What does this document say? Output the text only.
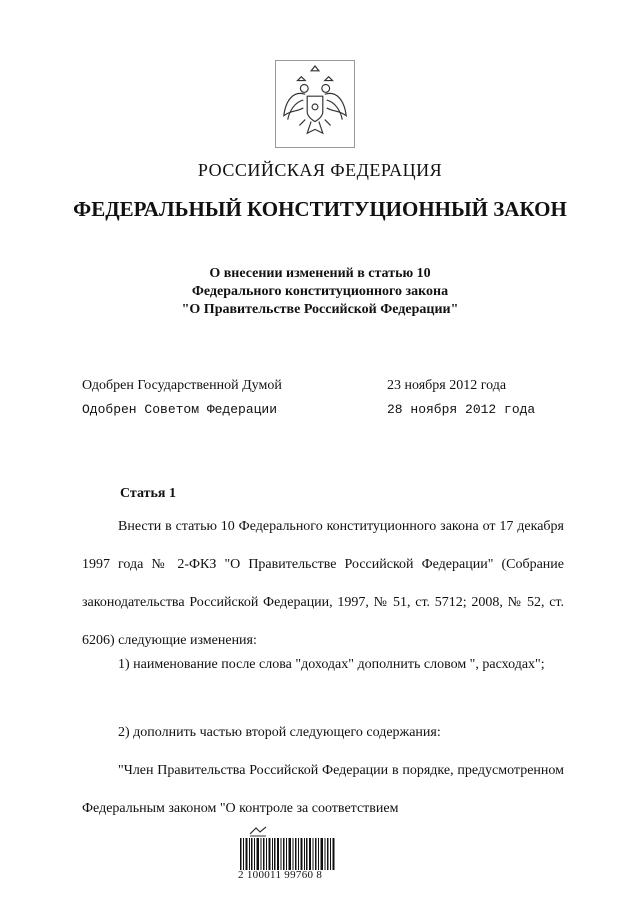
РОССИЙСКАЯ ФЕДЕРАЦИЯ
ФЕДЕРАЛЬНЫЙ КОНСТИТУЦИОННЫЙ ЗАКОН
О внесении изменений в статью 10
Федерального конституционного закона
"О Правительстве Российской Федерации"
Одобрен Государственной Думой	23 ноября 2012 года
Одобрен Советом Федерации	28 ноября 2012 года
Статья 1
Внести в статью 10 Федерального конституционного закона от 17 декабря 1997 года № 2-ФКЗ "О Правительстве Российской Федерации" (Собрание законодательства Российской Федерации, 1997, № 51, ст. 5712; 2008, № 52, ст. 6206) следующие изменения:
1) наименование после слова "доходах" дополнить словом ", расходах";
2) дополнить частью второй следующего содержания:
"Член Правительства Российской Федерации в порядке, предусмотренном Федеральным законом "О контроле за соответствием
2 100011 99760 8
